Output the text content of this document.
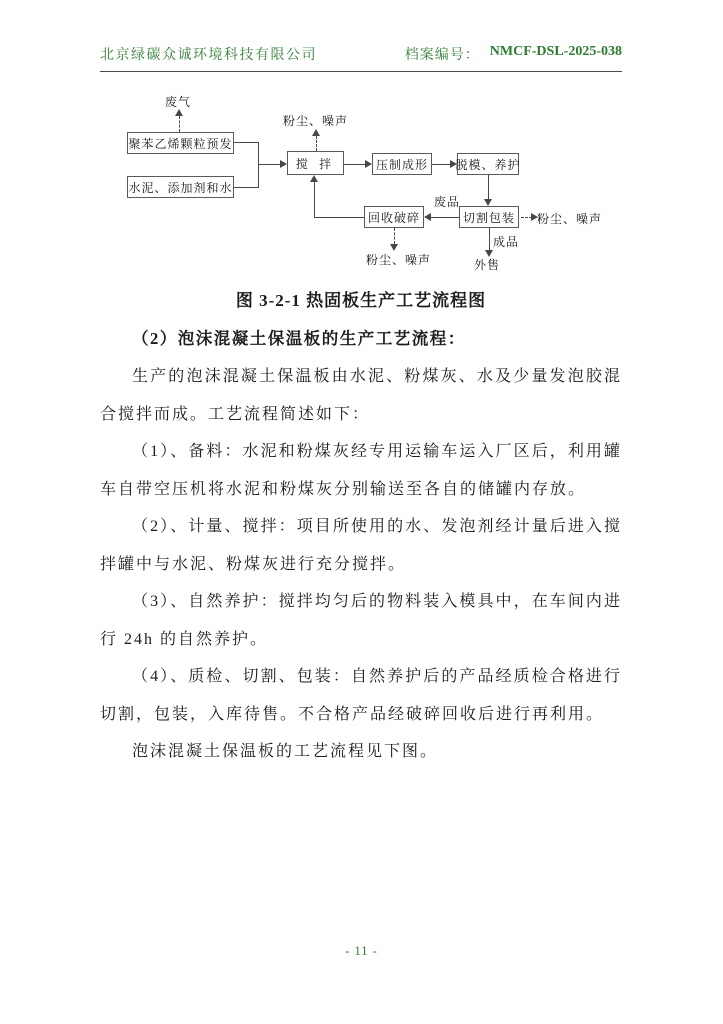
北京绿碳众诚环境科技有限公司	档案编号： NMCF-DSL-2025-038
聚苯乙烯颗粒预发
水泥、添加剂和水
搅 拌	压制成形	脱模、养护
切割包装
回收破碎
废气
粉尘、噪声
废品
粉尘、噪声
粉尘、噪声
成品
外售
图 3-2-1 热固板生产工艺流程图
（2）泡沫混凝土保温板的生产工艺流程：

生产的泡沫混凝土保温板由水泥、粉煤灰、水及少量发泡胶混合搅拌而成。工艺流程简述如下：

（1）、备料：水泥和粉煤灰经专用运输车运入厂区后，利用罐车自带空压机将水泥和粉煤灰分别输送至各自的储罐内存放。

（2）、计量、搅拌：项目所使用的水、发泡剂经计量后进入搅拌罐中与水泥、粉煤灰进行充分搅拌。

（3）、自然养护：搅拌均匀后的物料装入模具中，在车间内进行 24h 的自然养护。

（4）、质检、切割、包装：自然养护后的产品经质检合格进行切割，包装，入库待售。不合格产品经破碎回收后进行再利用。

泡沫混凝土保温板的工艺流程见下图。

- 11 -
